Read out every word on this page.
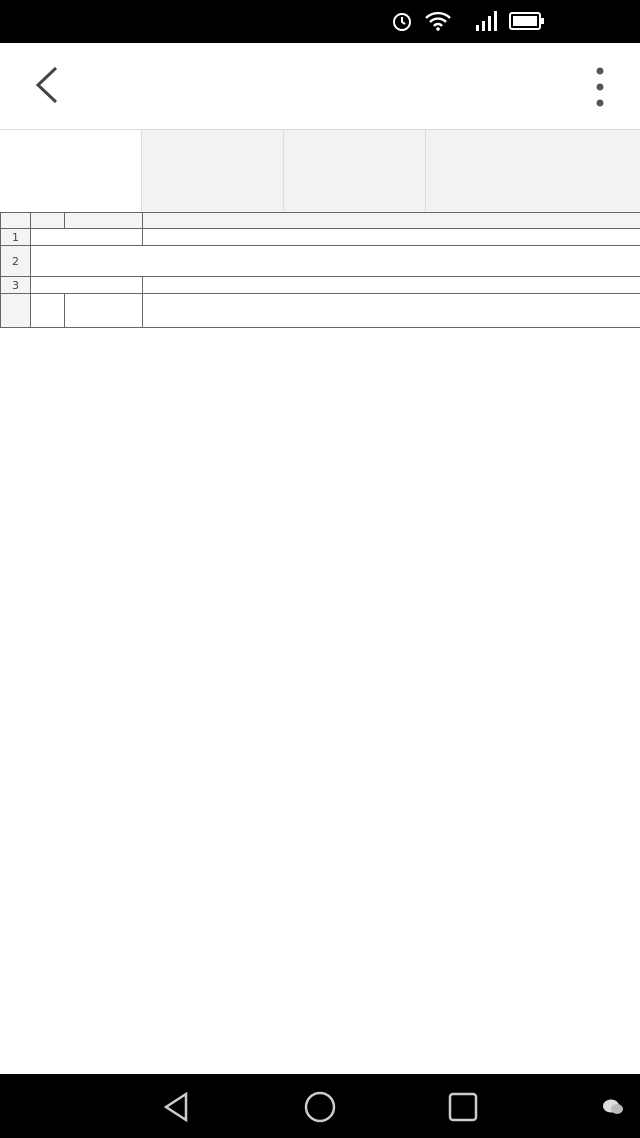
1			
2			
3			
